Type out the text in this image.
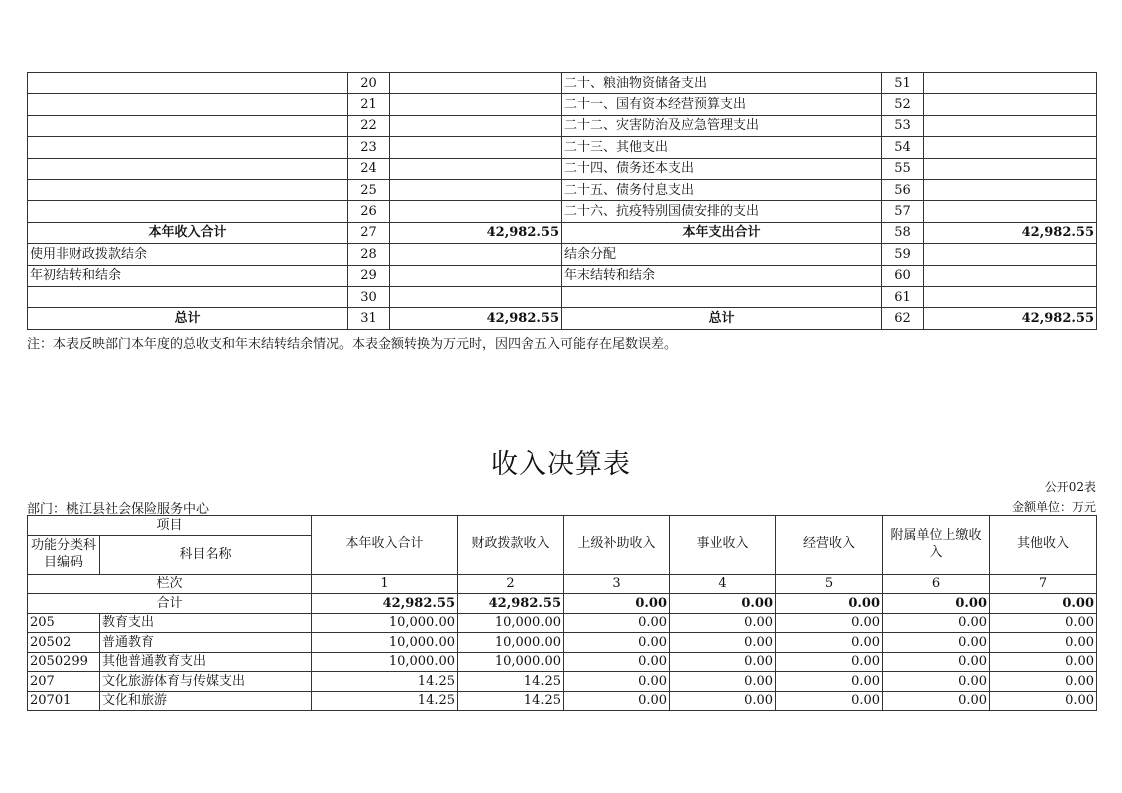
	20		二十、粮油物资储备支出	51	
	21		二十一、国有资本经营预算支出	52	
	22		二十二、灾害防治及应急管理支出	53	
	23		二十三、其他支出	54	
	24		二十四、债务还本支出	55	
	25		二十五、债务付息支出	56	
	26		二十六、抗疫特别国债安排的支出	57	
本年收入合计	27	42,982.55	本年支出合计	58	42,982.55
使用非财政拨款结余	28		结余分配	59	
年初结转和结余	29		年末结转和结余	60	
	30			61	
总计	31	42,982.55	总计	62	42,982.55
注：本表反映部门本年度的总收支和年末结转结余情况。本表金额转换为万元时，因四舍五入可能存在尾数误差。
收入决算表
公开02表
部门：桃江县社会保险服务中心	金额单位：万元
项目		本年收入合计	财政拨款收入	上级补助收入	事业收入	经营收入	附属单位上缴收入	其他收入
功能分类科目编码	科目名称							
栏次		1	2	3	4	5	6	7
合计		42,982.55	42,982.55	0.00	0.00	0.00	0.00	0.00
205	教育支出	10,000.00	10,000.00	0.00	0.00	0.00	0.00	0.00
20502	普通教育	10,000.00	10,000.00	0.00	0.00	0.00	0.00	0.00
2050299	其他普通教育支出	10,000.00	10,000.00	0.00	0.00	0.00	0.00	0.00
207	文化旅游体育与传媒支出	14.25	14.25	0.00	0.00	0.00	0.00	0.00
20701	文化和旅游	14.25	14.25	0.00	0.00	0.00	0.00	0.00
